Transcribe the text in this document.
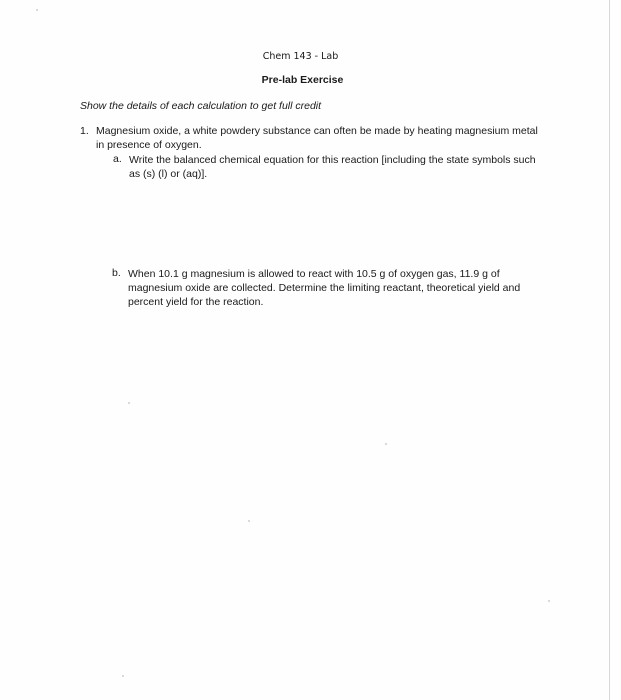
Chem 143 - Lab
Pre-lab Exercise
Show the details of each calculation to get full credit
1. Magnesium oxide, a white powdery substance can often be made by heating magnesium metal in presence of oxygen.
a. Write the balanced chemical equation for this reaction [including the state symbols such as (s) (l) or (aq)].
b. When 10.1 g magnesium is allowed to react with 10.5 g of oxygen gas, 11.9 g of magnesium oxide are collected. Determine the limiting reactant, theoretical yield and percent yield for the reaction.
